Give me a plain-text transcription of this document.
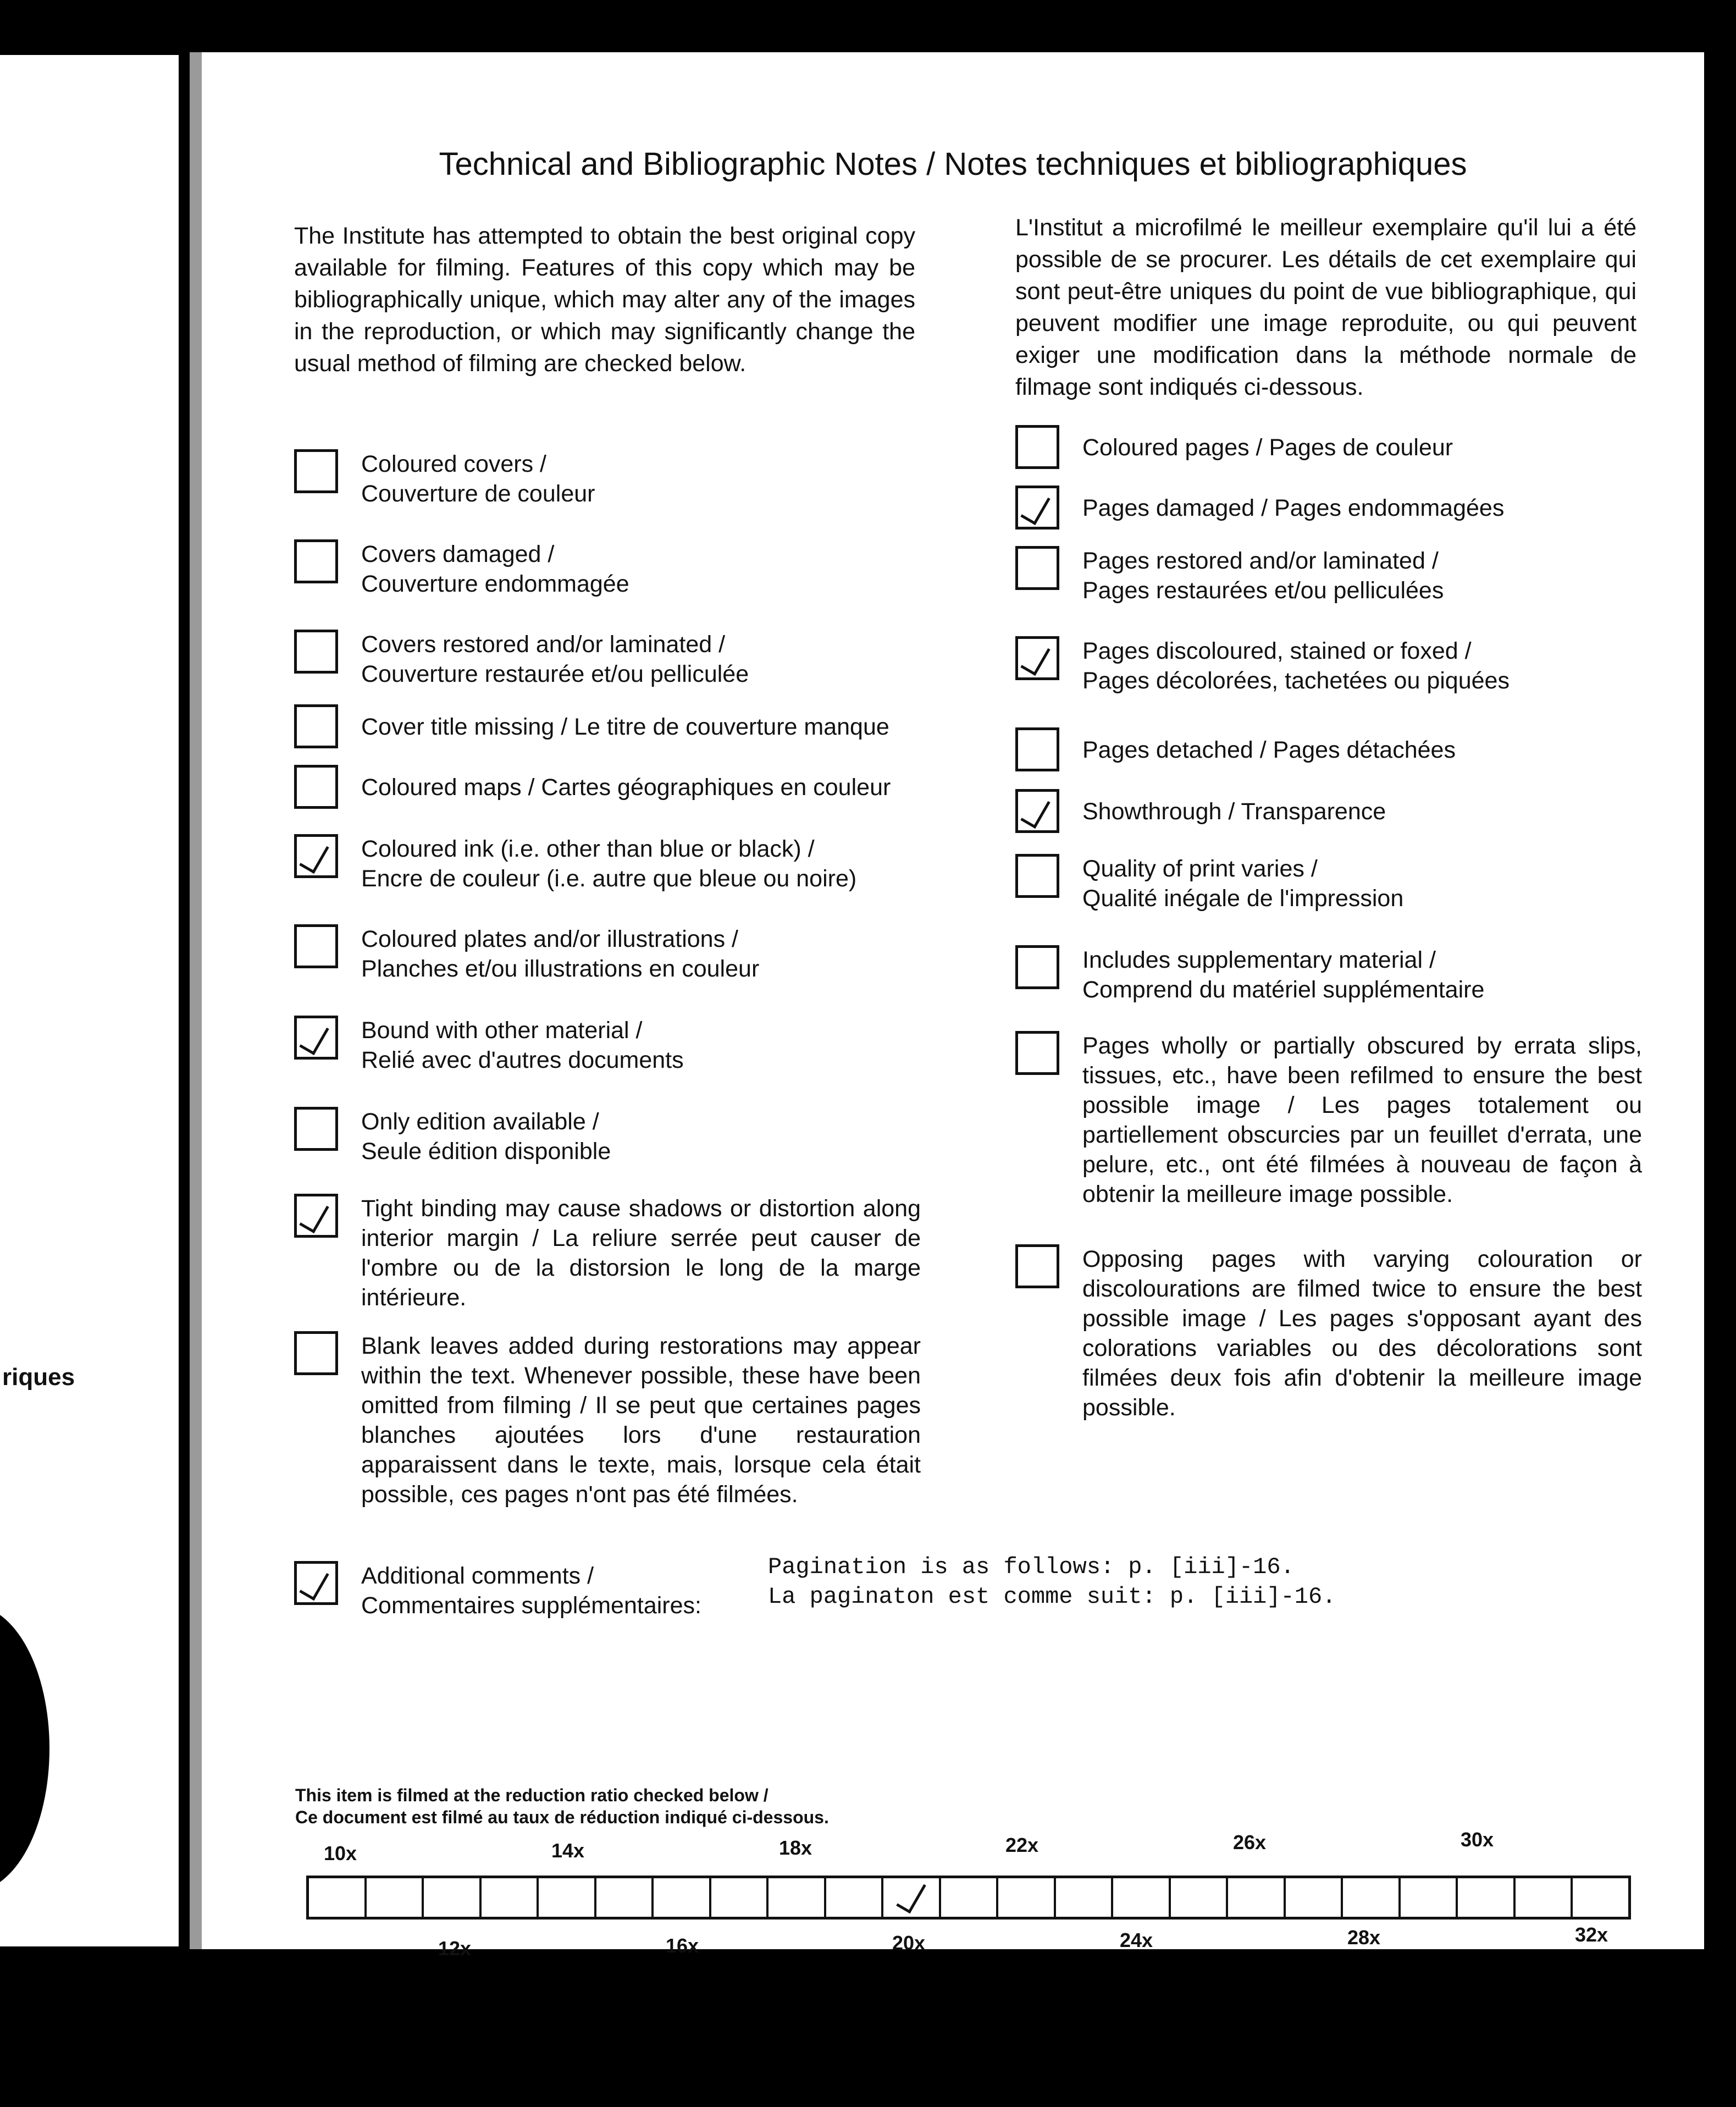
riques
Technical and Bibliographic Notes / Notes techniques et bibliographiques
The Institute has attempted to obtain the best original copy available for filming. Features of this copy which may be bibliographically unique, which may alter any of the images in the reproduction, or which may significantly change the usual method of filming are checked below.
L'Institut a microfilmé le meilleur exemplaire qu'il lui a été possible de se procurer. Les détails de cet exemplaire qui sont peut-être uniques du point de vue bibliographique, qui peuvent modifier une image reproduite, ou qui peuvent exiger une modification dans la méthode normale de filmage sont indiqués ci-dessous.
Coloured covers /
Couverture de couleur
Covers damaged /
Couverture endommagée
Covers restored and/or laminated /
Couverture restaurée et/ou pelliculée
Cover title missing / Le titre de couverture manque
Coloured maps / Cartes géographiques en couleur
Coloured ink (i.e. other than blue or black) /
Encre de couleur (i.e. autre que bleue ou noire)
Coloured plates and/or illustrations /
Planches et/ou illustrations en couleur
Bound with other material /
Relié avec d'autres documents
Only edition available /
Seule édition disponible
Tight binding may cause shadows or distortion along interior margin / La reliure serrée peut causer de l'ombre ou de la distorsion le long de la marge intérieure.
Blank leaves added during restorations may appear within the text. Whenever possible, these have been omitted from filming / Il se peut que certaines pages blanches ajoutées lors d'une restauration apparaissent dans le texte, mais, lorsque cela était possible, ces pages n'ont pas été filmées.
Coloured pages / Pages de couleur
Pages damaged / Pages endommagées
Pages restored and/or laminated /
Pages restaurées et/ou pelliculées
Pages discoloured, stained or foxed /
Pages décolorées, tachetées ou piquées
Pages detached / Pages détachées
Showthrough / Transparence
Quality of print varies /
Qualité inégale de l'impression
Includes supplementary material /
Comprend du matériel supplémentaire
Pages wholly or partially obscured by errata slips, tissues, etc., have been refilmed to ensure the best possible image / Les pages totalement ou partiellement obscurcies par un feuillet d'errata, une pelure, etc., ont été filmées à nouveau de façon à obtenir la meilleure image possible.
Opposing pages with varying colouration or discolourations are filmed twice to ensure the best possible image / Les pages s'opposant ayant des colorations variables ou des décolorations sont filmées deux fois afin d'obtenir la meilleure image possible.
Additional comments /
Commentaires supplémentaires:
Pagination is as follows: p. [iii]-16.
La paginaton est comme suit: p. [iii]-16.
This item is filmed at the reduction ratio checked below /
Ce document est filmé au taux de réduction indiqué ci-dessous.
10x	14x	18x	22x	26x	30x
12x	16x	20x	24x	28x	32x
